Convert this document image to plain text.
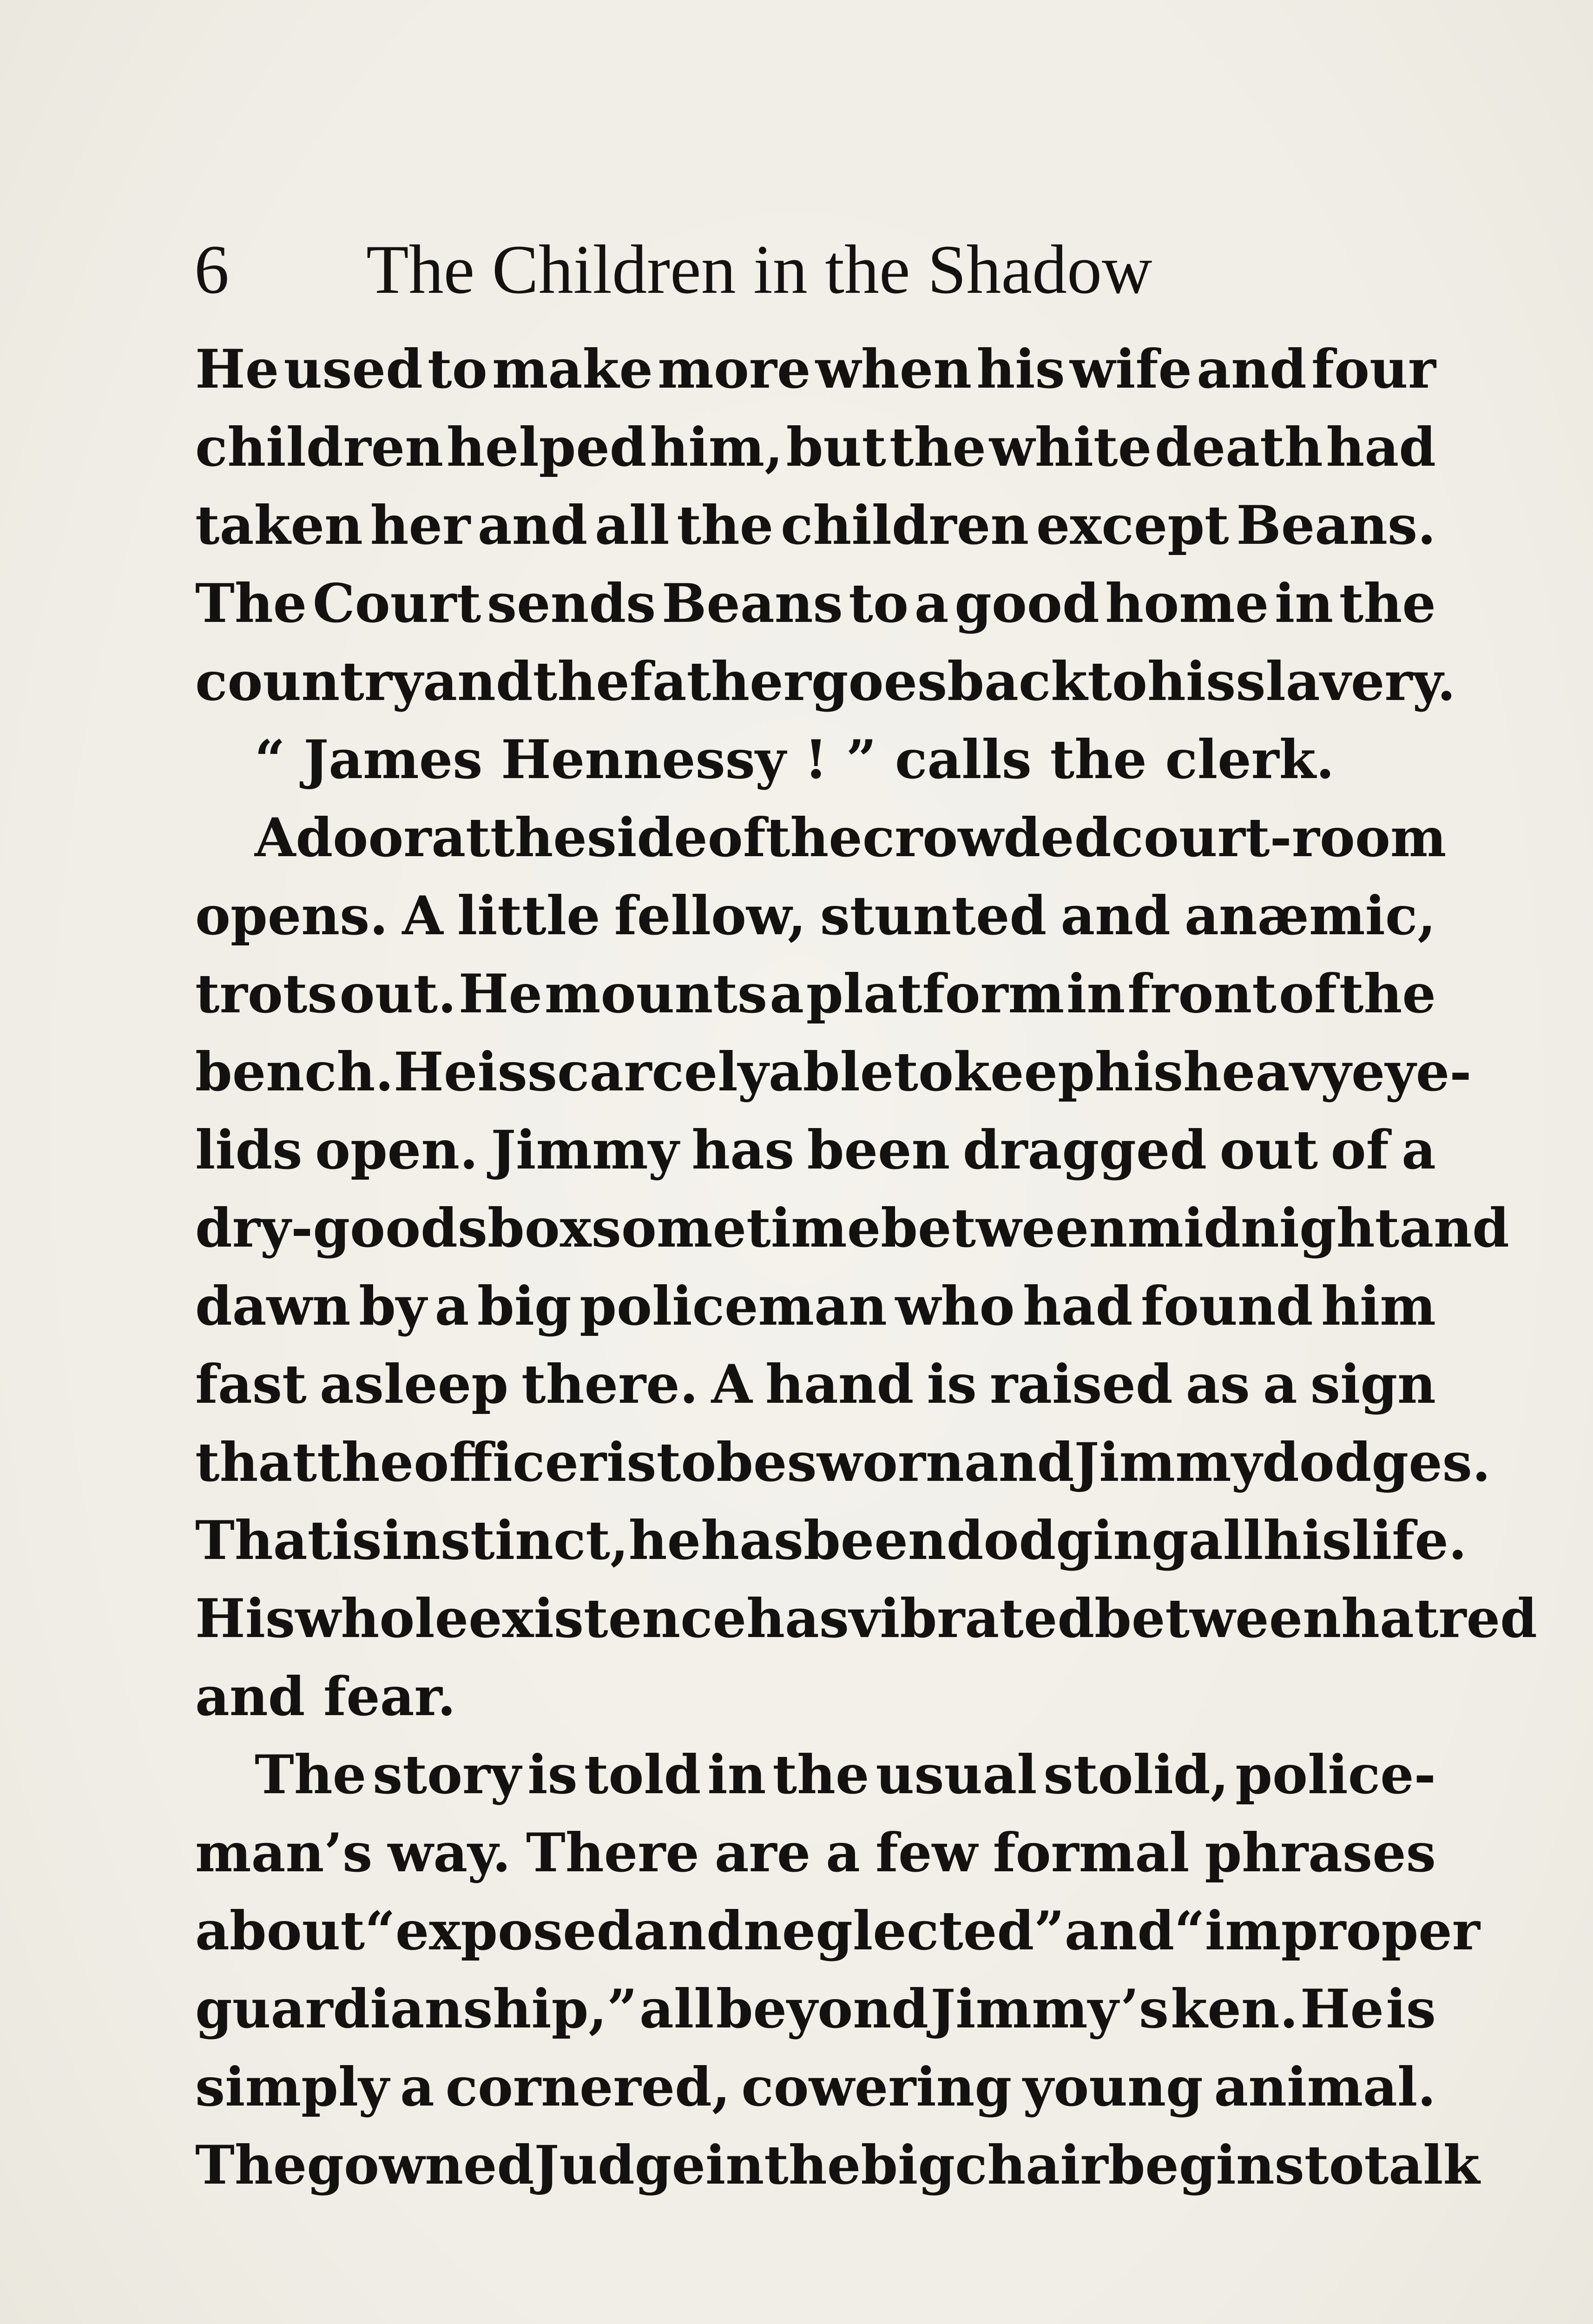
6 The Children in the Shadow
He used to make more when his wife and four
children helped him, but the white death had
taken her and all the children except Beans.
The Court sends Beans to a good home in the
country and the father goes back to his slavery.
“ James Hennessy ! ” calls the clerk.
A door at the side of the crowded court-room
opens. A little fellow, stunted and anæmic,
trots out. He mounts a platform in front of the
bench. He is scarcely able to keep his heavy eye-
lids open. Jimmy has been dragged out of a
dry-goods box sometime between midnight and
dawn by a big policeman who had found him
fast asleep there. A hand is raised as a sign
that the officer is to be sworn and Jimmy dodges.
That is instinct, he has been dodging all his life.
His whole existence has vibrated between hatred
and fear.
The story is told in the usual stolid, police-
man’s way. There are a few formal phrases
about “ exposed and neglected ” and “ improper
guardianship,” all beyond Jimmy’s ken. He is
simply a cornered, cowering young animal.
The gowned Judge in the big chair begins to talk
